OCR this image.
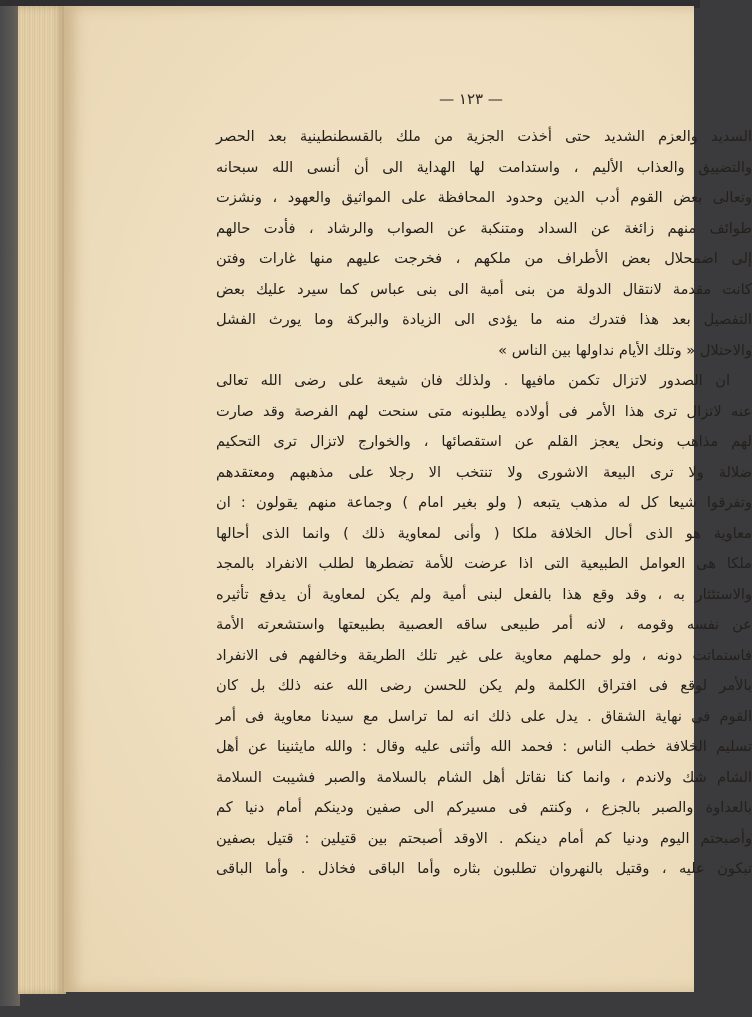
— ١٢٣ —
السديد والعزم الشديد حتى أخذت الجزية من ملك بالقسطنطينية بعد الحصر
والتضييق والعذاب الأليم ، واستدامت لها الهداية الى أن أنسى الله سبحانه
وتعالى بعض القوم أدب الدين وحدود المحافظة على المواثيق والعهود ، ونشزت
طوائف منهم زائغة عن السداد ومتنكبة عن الصواب والرشاد ، فأدت حالهم
إلى اضمحلال بعض الأطراف من ملكهم ، فخرجت عليهم منها غارات وفتن
كانت مقدمة لانتقال الدولة من بنى أمية الى بنى عباس كما سيرد عليك بعض
التفصيل بعد هذا فتدرك منه ما يؤدى الى الزيادة والبركة وما يورث الفشل
والاحتلال « وتلك الأيام نداولها بين الناس »
ان الصدور لاتزال تكمن مافيها . ولذلك فان شيعة على رضى الله تعالى
عنه لاتزال ترى هذا الأمر فى أولاده يطلبونه متى سنحت لهم الفرصة وقد صارت
لهم مذاهب ونحل يعجز القلم عن استقصائها ، والخوارج لاتزال ترى التحكيم
ضلالة ولا ترى البيعة الاشورى ولا تنتخب الا رجلا على مذهبهم ومعتقدهم
وتفرقوا شيعا كل له مذهب يتبعه ( ولو بغير امام ) وجماعة منهم يقولون : ان
معاوية هو الذى أحال الخلافة ملكا ( وأنى لمعاوية ذلك ) وانما الذى أحالها
ملكا هى العوامل الطبيعية التى اذا عرضت للأمة تضطرها لطلب الانفراد بالمجد
والاستئثار به ، وقد وقع هذا بالفعل لبنى أمية ولم يكن لمعاوية أن يدفع تأثيره
عن نفسه وقومه ، لانه أمر طبيعى ساقه العصبية بطبيعتها واستشعرته الأمة
فاستماتت دونه ، ولو حملهم معاوية على غير تلك الطريقة وخالفهم فى الانفراد
بالأمر لوقع فى افتراق الكلمة ولم يكن للحسن رضى الله عنه ذلك بل كان
القوم فى نهاية الشقاق . يدل على ذلك انه لما تراسل مع سيدنا معاوية فى أمر
تسليم الخلافة خطب الناس : فحمد الله وأثنى عليه وقال : والله مايثنينا عن أهل
الشام شك ولاندم ، وانما كنا نقاتل أهل الشام بالسلامة والصبر فشيبت السلامة
بالعداوة والصبر بالجزع ، وكنتم فى مسيركم الى صفين ودينكم أمام دنيا كم
وأصبحتم اليوم ودنيا كم أمام دينكم . الاوقد أصبحتم بين قتيلين : قتيل بصفين
تبكون عليه ، وقتيل بالنهروان تطلبون بثاره وأما الباقى فخاذل . وأما الباقى
